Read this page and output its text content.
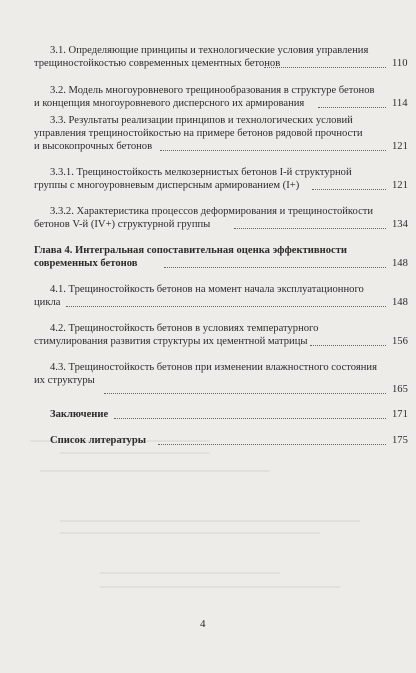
3.1. Определяющие принципы и технологические условия управления
трещиностойкостью современных цементных бетонов	110
3.2. Модель многоуровневого трещинообразования в структуре бетонов
и концепция многоуровневого дисперсного их армирования	114
3.3. Результаты реализации принципов и технологических условий
управления трещиностойкостью на примере бетонов рядовой прочности
и высокопрочных бетонов	121
3.3.1. Трещиностойкость мелкозернистых бетонов I-й структурной
группы с многоуровневым дисперсным армированием (I+)	121
3.3.2. Характеристика процессов деформирования и трещиностойкости
бетонов V-й (IV+) структурной группы	134
Глава 4. Интегральная сопоставительная оценка эффективности
современных бетонов	148
4.1. Трещиностойкость бетонов на момент начала эксплуатационного
цикла	148
4.2. Трещиностойкость бетонов в условиях температурного
стимулирования развития структуры их цементной матрицы	156
4.3. Трещиностойкость бетонов при изменении влажностного состояния
их структуры
165
Заключение	171
Список литературы	175
4
